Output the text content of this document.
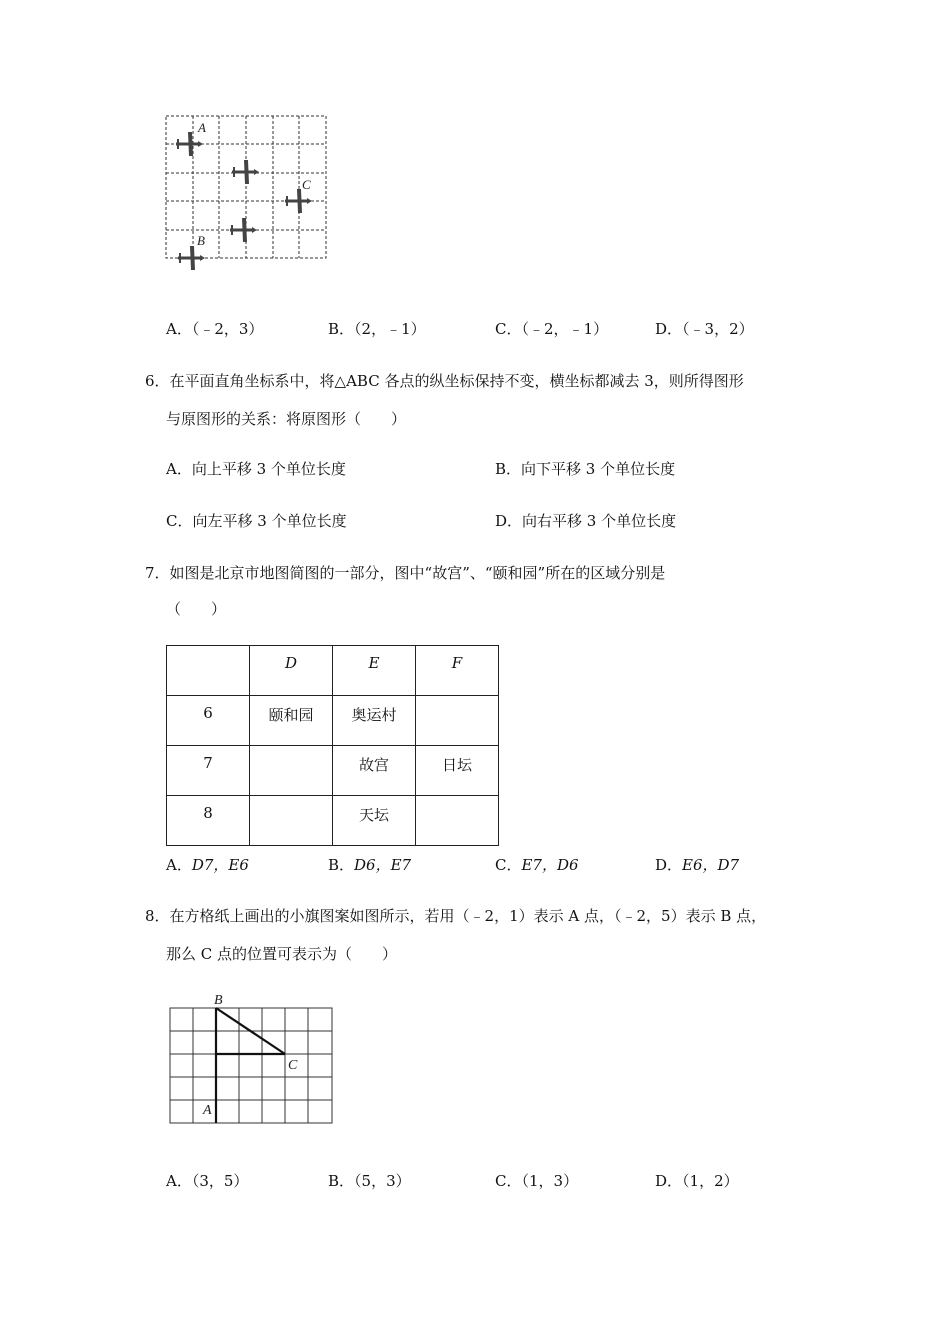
A
C
B
A．（﹣2，3）	B．（2，﹣1）	C．（﹣2，﹣1）	D．（﹣3，2）
6．在平面直角坐标系中，将△ABC 各点的纵坐标保持不变，横坐标都减去 3，则所得图形
与原图形的关系：将原图形（　　）
A．向上平移 3 个单位长度	B．向下平移 3 个单位长度
C．向左平移 3 个单位长度	D．向右平移 3 个单位长度
7．如图是北京市地图简图的一部分，图中“故宫”、“颐和园”所在的区域分别是
（　　）
	D	E	F
6	颐和园	奥运村	
7		故宫	日坛
8		天坛	
A．D7，E6	B．D6，E7	C．E7，D6	D．E6，D7
8．在方格纸上画出的小旗图案如图所示，若用（﹣2，1）表示 A 点，（﹣2，5）表示 B 点，
那么 C 点的位置可表示为（　　）
B
C
A
A．（3，5）	B．（5，3）	C．（1，3）	D．（1，2）
